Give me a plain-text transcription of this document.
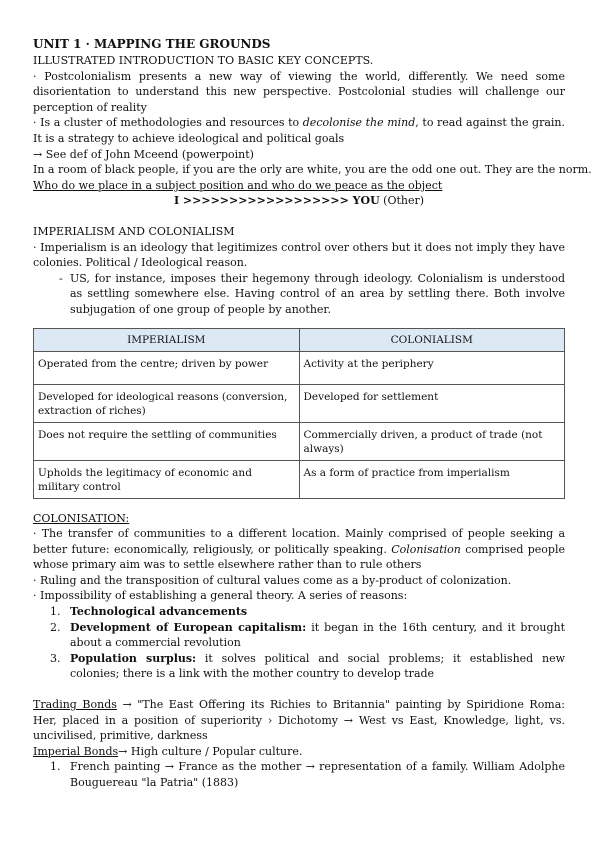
UNIT 1 · MAPPING THE GROUNDS
ILLUSTRATED INTRODUCTION TO BASIC KEY CONCEPTS.
· Postcolonialism presents a new way of viewing the world, differently. We need some disorientation to understand this new perspective. Postcolonial studies will challenge our perception of reality
· Is a cluster of methodologies and resources to decolonise the mind, to read against the grain. It is a strategy to achieve ideological and political goals
→ See def of John Mceend (powerpoint)
In a room of black people, if you are the orly are white, you are the odd one out. They are the norm.
Who do we place in a subject position and who do we peace as the object
I >>>>>>>>>>>>>>>>>> YOU (Other)
IMPERIALISM AND COLONIALISM
· Imperialism is an ideology that legitimizes control over others but it does not imply they have colonies. Political / Ideological reason.
- US, for instance, imposes their hegemony through ideology. Colonialism is understood as settling somewhere else. Having control of an area by settling there. Both involve subjugation of one group of people by another.
IMPERIALISM	COLONIALISM
Operated from the centre; driven by power	Activity at the periphery
Developed for ideological reasons (conversion, extraction of riches)	Developed for settlement
Does not require the settling of communities	Commercially driven, a product of trade (not always)
Upholds the legitimacy of economic and military control	As a form of practice from imperialism
COLONISATION:
· The transfer of communities to a different location. Mainly comprised of people seeking a better future: economically, religiously, or politically speaking. Colonisation comprised people whose primary aim was to settle elsewhere rather than to rule others
· Ruling and the transposition of cultural values come as a by-product of colonization.
· Impossibility of establishing a general theory. A series of reasons:
1. Technological advancements
2. Development of European capitalism: it began in the 16th century, and it brought about a commercial revolution
3. Population surplus: it solves political and social problems; it established new colonies; there is a link with the mother country to develop trade
Trading Bonds → "The East Offering its Richies to Britannia" painting by Spiridione Roma: Her, placed in a position of superiority › Dichotomy → West vs East, Knowledge, light, vs. uncivilised, primitive, darkness
Imperial Bonds→ High culture / Popular culture.
1. French painting → France as the mother → representation of a family. William Adolphe Bouguereau "la Patria" (1883)
